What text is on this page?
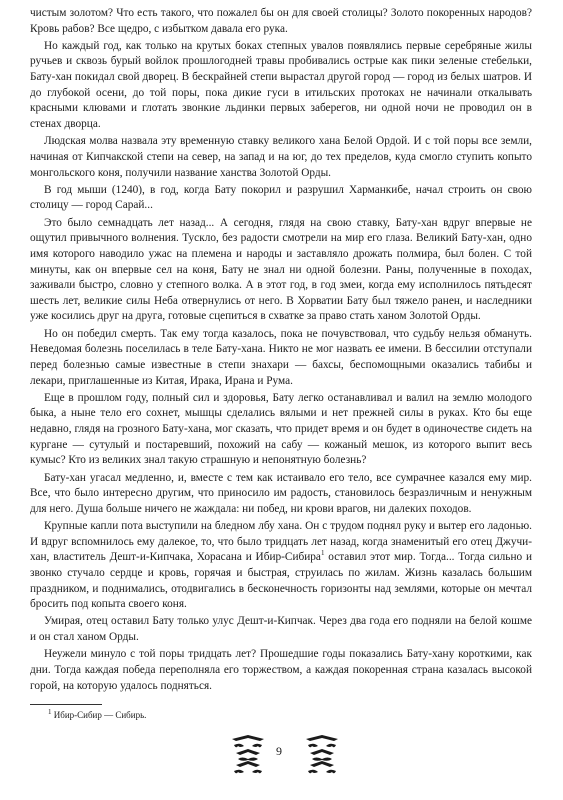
чистым золотом? Что есть такого, что пожалел бы он для своей столицы? Золото покоренных народов? Кровь рабов? Все щедро, с избытком давала его рука.

Но каждый год, как только на крутых боках степных увалов появлялись первые серебряные жилы ручьев и сквозь бурый войлок прошлогодней травы пробивались острые как пики зеленые стебельки, Бату-хан покидал свой дворец. В бескрайней степи вырастал другой город — город из белых шатров. И до глубокой осени, до той поры, пока дикие гуси в итильских протоках не начинали откалывать красными клювами и глотать звонкие льдинки первых заберегов, ни одной ночи не проводил он в стенах дворца.

Людская молва назвала эту временную ставку великого хана Белой Ордой. И с той поры все земли, начиная от Кипчакской степи на север, на запад и на юг, до тех пределов, куда смогло ступить копыто монгольского коня, получили название ханства Золотой Орды.

В год мыши (1240), в год, когда Бату покорил и разрушил Харманкибе, начал строить он свою столицу — город Сарай...

Это было семнадцать лет назад... А сегодня, глядя на свою ставку, Бату-хан вдруг впервые не ощутил привычного волнения. Тускло, без радости смотрели на мир его глаза. Великий Бату-хан, одно имя которого наводило ужас на племена и народы и заставляло дрожать полмира, был болен. С той минуты, как он впервые сел на коня, Бату не знал ни одной болезни. Раны, полученные в походах, заживали быстро, словно у степного волка. А в этот год, в год змеи, когда ему исполнилось пятьдесят шесть лет, великие силы Неба отвернулись от него. В Хорватии Бату был тяжело ранен, и наследники уже косились друг на друга, готовые сцепиться в схватке за право стать ханом Золотой Орды.

Но он победил смерть. Так ему тогда казалось, пока не почувствовал, что судьбу нельзя обмануть. Неведомая болезнь поселилась в теле Бату-хана. Никто не мог назвать ее имени. В бессилии отступали перед болезнью самые известные в степи знахари — бахсы, беспомощными оказались табибы и лекари, приглашенные из Китая, Ирака, Ирана и Рума.

Еще в прошлом году, полный сил и здоровья, Бату легко останавливал и валил на землю молодого быка, а ныне тело его сохнет, мышцы сделались вялыми и нет прежней силы в руках. Кто бы еще недавно, глядя на грозного Бату-хана, мог сказать, что придет время и он будет в одиночестве сидеть на кургане — сутулый и постаревший, похожий на сабу — кожаный мешок, из которого выпит весь кумыс? Кто из великих знал такую страшную и непонятную болезнь?

Бату-хан угасал медленно, и, вместе с тем как истаивало его тело, все сумрачнее казался ему мир. Все, что было интересно другим, что приносило им радость, становилось безразличным и ненужным для него. Душа больше ничего не жаждала: ни побед, ни крови врагов, ни далеких походов.

Крупные капли пота выступили на бледном лбу хана. Он с трудом поднял руку и вытер его ладонью. И вдруг вспомнилось ему далекое, то, что было тридцать лет назад, когда знаменитый его отец Джучи-хан, властитель Дешт-и-Кипчака, Хорасана и Ибир-Сибира$^1$ оставил этот мир. Тогда... Тогда сильно и звонко стучало сердце и кровь, горячая и быстрая, струилась по жилам. Жизнь казалась большим праздником, и поднимались, отодвигались в бесконечность горизонты над землями, которые он мечтал бросить под копыта своего коня.

Умирая, отец оставил Бату только улус Дешт-и-Кипчак. Через два года его подняли на белой кошме и он стал ханом Орды.

Неужели минуло с той поры тридцать лет? Прошедшие годы показались Бату-хану короткими, как дни. Тогда каждая победа переполняла его торжеством, а каждая покоренная страна казалась высокой горой, на которую удалось подняться.

$^1$ Ибир-Сибир — Сибирь.
9
